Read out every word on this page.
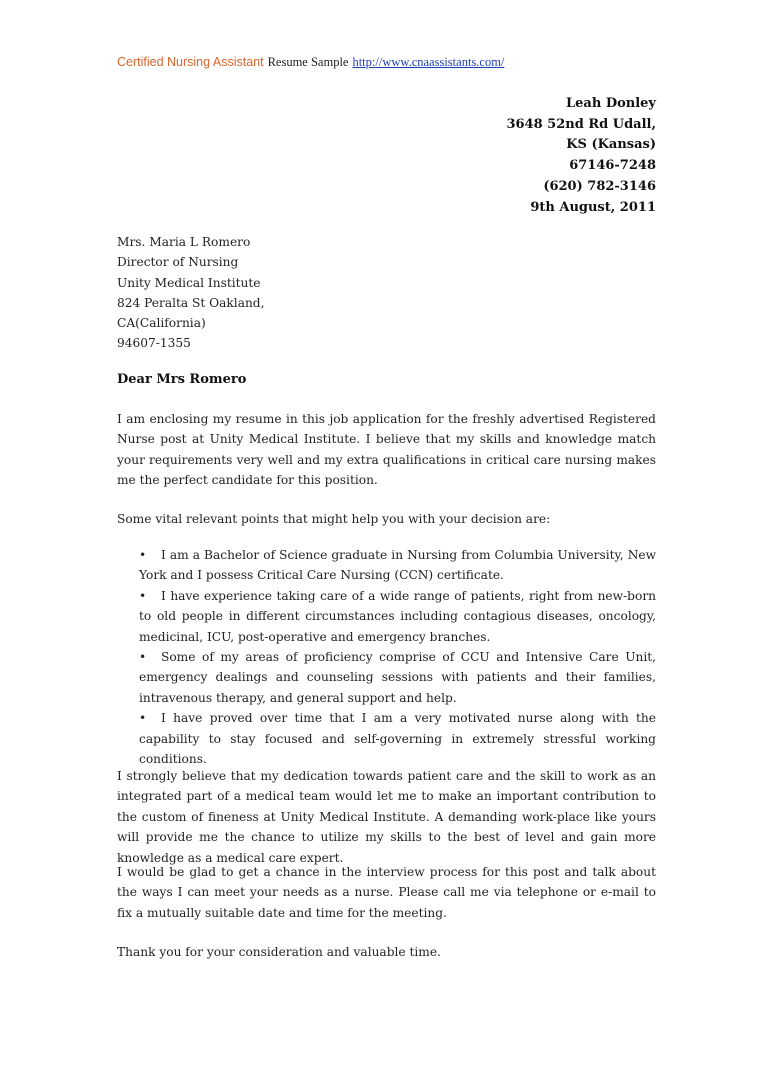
Certified Nursing Assistant Resume Sample http://www.cnaassistants.com/
Leah Donley
3648 52nd Rd Udall,
KS (Kansas)
67146-7248
(620) 782-3146
9th August, 2011
Mrs. Maria L Romero
Director of Nursing
Unity Medical Institute
824 Peralta St Oakland,
CA(California)
94607-1355
Dear Mrs Romero
I am enclosing my resume in this job application for the freshly advertised Registered Nurse post at Unity Medical Institute. I believe that my skills and knowledge match your requirements very well and my extra qualifications in critical care nursing makes me the perfect candidate for this position.
Some vital relevant points that might help you with your decision are:
• I am a Bachelor of Science graduate in Nursing from Columbia University, New York and I possess Critical Care Nursing (CCN) certificate.
• I have experience taking care of a wide range of patients, right from new-born to old people in different circumstances including contagious diseases, oncology, medicinal, ICU, post-operative and emergency branches.
• Some of my areas of proficiency comprise of CCU and Intensive Care Unit, emergency dealings and counseling sessions with patients and their families, intravenous therapy, and general support and help.
• I have proved over time that I am a very motivated nurse along with the capability to stay focused and self-governing in extremely stressful working conditions.
I strongly believe that my dedication towards patient care and the skill to work as an integrated part of a medical team would let me to make an important contribution to the custom of fineness at Unity Medical Institute. A demanding work-place like yours will provide me the chance to utilize my skills to the best of level and gain more knowledge as a medical care expert.
I would be glad to get a chance in the interview process for this post and talk about the ways I can meet your needs as a nurse. Please call me via telephone or e-mail to fix a mutually suitable date and time for the meeting.
Thank you for your consideration and valuable time.
